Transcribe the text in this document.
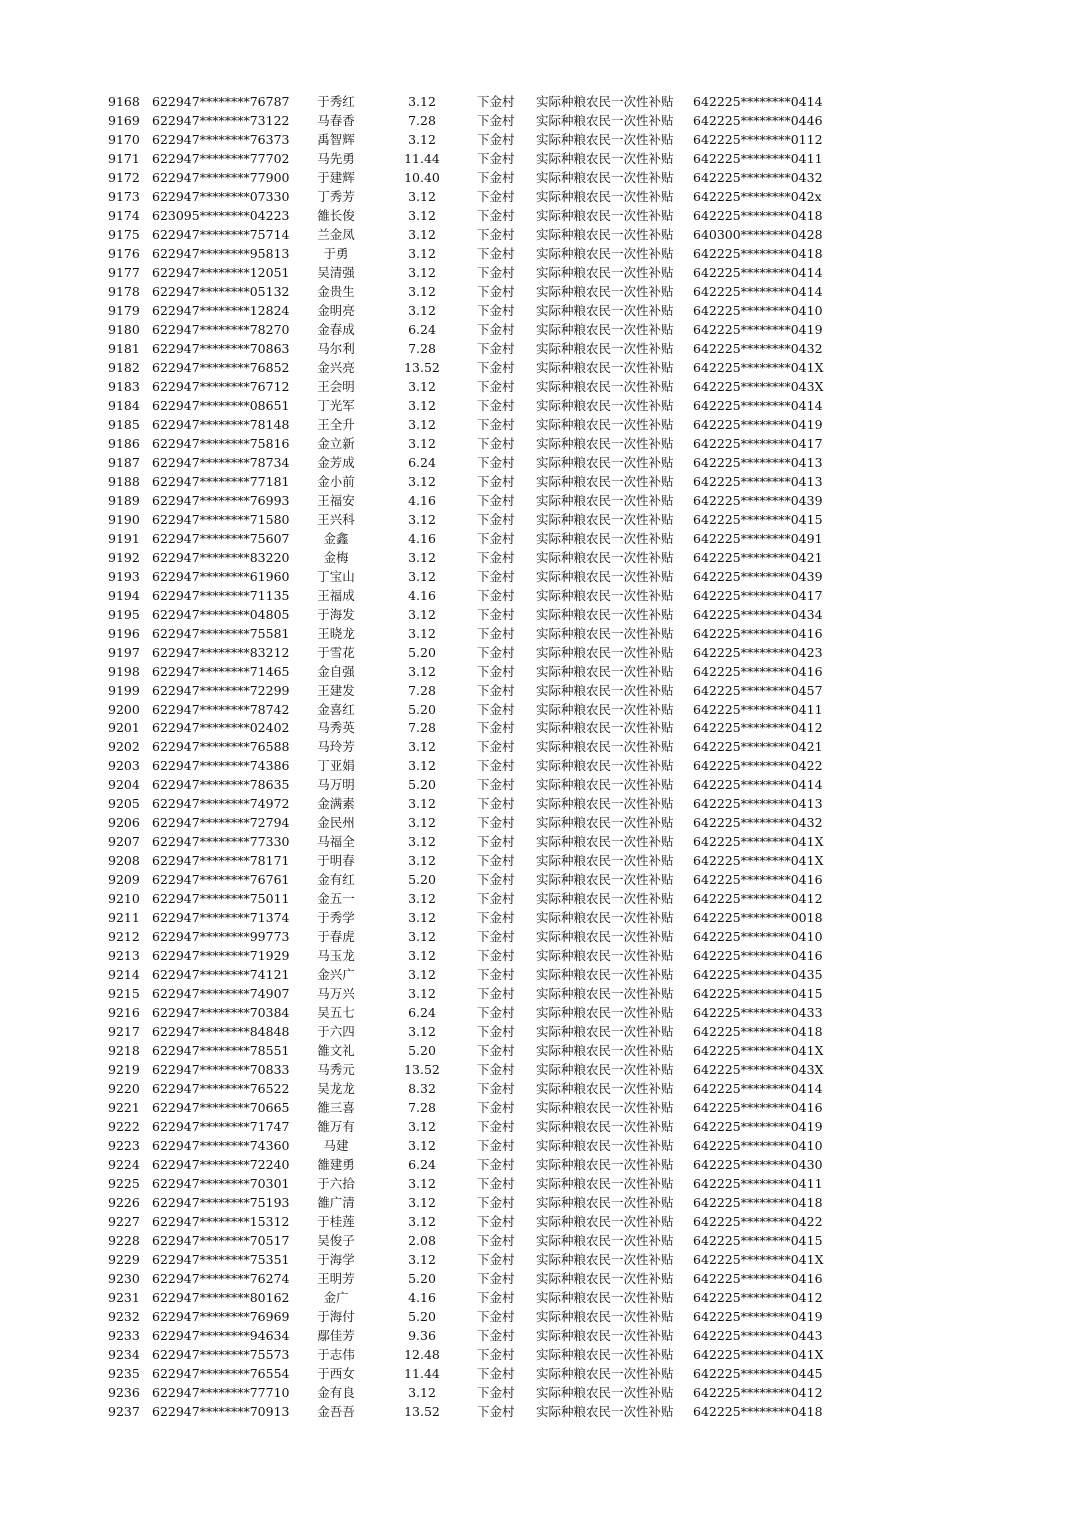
9168 622947********76787	于秀红	3.12	下金村 实际种粮农民一次性补贴 642225********0414
9169 622947********73122	马春香	7.28	下金村 实际种粮农民一次性补贴 642225********0446
9170 622947********76373	禹智辉	3.12	下金村 实际种粮农民一次性补贴 642225********0112
9171 622947********77702	马先勇	11.44	下金村 实际种粮农民一次性补贴 642225********0411
9172 622947********77900	于建辉	10.40	下金村 实际种粮农民一次性补贴 642225********0432
9173 622947********07330	丁秀芳	3.12	下金村 实际种粮农民一次性补贴 642225********042x
9174 623095********04223	雒长俊	3.12	下金村 实际种粮农民一次性补贴 642225********0418
9175 622947********75714	兰金凤	3.12	下金村 实际种粮农民一次性补贴 640300********0428
9176 622947********95813	于勇	3.12	下金村 实际种粮农民一次性补贴 642225********0418
9177 622947********12051	吴清强	3.12	下金村 实际种粮农民一次性补贴 642225********0414
9178 622947********05132	金贵生	3.12	下金村 实际种粮农民一次性补贴 642225********0414
9179 622947********12824	金明亮	3.12	下金村 实际种粮农民一次性补贴 642225********0410
9180 622947********78270	金春成	6.24	下金村 实际种粮农民一次性补贴 642225********0419
9181 622947********70863	马尔利	7.28	下金村 实际种粮农民一次性补贴 642225********0432
9182 622947********76852	金兴亮	13.52	下金村 实际种粮农民一次性补贴 642225********041X
9183 622947********76712	王会明	3.12	下金村 实际种粮农民一次性补贴 642225********043X
9184 622947********08651	丁光军	3.12	下金村 实际种粮农民一次性补贴 642225********0414
9185 622947********78148	王全升	3.12	下金村 实际种粮农民一次性补贴 642225********0419
9186 622947********75816	金立新	3.12	下金村 实际种粮农民一次性补贴 642225********0417
9187 622947********78734	金芳成	6.24	下金村 实际种粮农民一次性补贴 642225********0413
9188 622947********77181	金小前	3.12	下金村 实际种粮农民一次性补贴 642225********0413
9189 622947********76993	王福安	4.16	下金村 实际种粮农民一次性补贴 642225********0439
9190 622947********71580	王兴科	3.12	下金村 实际种粮农民一次性补贴 642225********0415
9191 622947********75607	金鑫	4.16	下金村 实际种粮农民一次性补贴 642225********0491
9192 622947********83220	金梅	3.12	下金村 实际种粮农民一次性补贴 642225********0421
9193 622947********61960	丁宝山	3.12	下金村 实际种粮农民一次性补贴 642225********0439
9194 622947********71135	王福成	4.16	下金村 实际种粮农民一次性补贴 642225********0417
9195 622947********04805	于海发	3.12	下金村 实际种粮农民一次性补贴 642225********0434
9196 622947********75581	王晓龙	3.12	下金村 实际种粮农民一次性补贴 642225********0416
9197 622947********83212	于雪花	5.20	下金村 实际种粮农民一次性补贴 642225********0423
9198 622947********71465	金自强	3.12	下金村 实际种粮农民一次性补贴 642225********0416
9199 622947********72299	王建发	7.28	下金村 实际种粮农民一次性补贴 642225********0457
9200 622947********78742	金喜红	5.20	下金村 实际种粮农民一次性补贴 642225********0411
9201 622947********02402	马秀英	7.28	下金村 实际种粮农民一次性补贴 642225********0412
9202 622947********76588	马玲芳	3.12	下金村 实际种粮农民一次性补贴 642225********0421
9203 622947********74386	丁亚娟	3.12	下金村 实际种粮农民一次性补贴 642225********0422
9204 622947********78635	马万明	5.20	下金村 实际种粮农民一次性补贴 642225********0414
9205 622947********74972	金满素	3.12	下金村 实际种粮农民一次性补贴 642225********0413
9206 622947********72794	金民州	3.12	下金村 实际种粮农民一次性补贴 642225********0432
9207 622947********77330	马福全	3.12	下金村 实际种粮农民一次性补贴 642225********041X
9208 622947********78171	于明春	3.12	下金村 实际种粮农民一次性补贴 642225********041X
9209 622947********76761	金有红	5.20	下金村 实际种粮农民一次性补贴 642225********0416
9210 622947********75011	金五一	3.12	下金村 实际种粮农民一次性补贴 642225********0412
9211 622947********71374	于秀学	3.12	下金村 实际种粮农民一次性补贴 642225********0018
9212 622947********99773	于春虎	3.12	下金村 实际种粮农民一次性补贴 642225********0410
9213 622947********71929	马玉龙	3.12	下金村 实际种粮农民一次性补贴 642225********0416
9214 622947********74121	金兴广	3.12	下金村 实际种粮农民一次性补贴 642225********0435
9215 622947********74907	马万兴	3.12	下金村 实际种粮农民一次性补贴 642225********0415
9216 622947********70384	吴五七	6.24	下金村 实际种粮农民一次性补贴 642225********0433
9217 622947********84848	于六四	3.12	下金村 实际种粮农民一次性补贴 642225********0418
9218 622947********78551	雒文礼	5.20	下金村 实际种粮农民一次性补贴 642225********041X
9219 622947********70833	马秀元	13.52	下金村 实际种粮农民一次性补贴 642225********043X
9220 622947********76522	吴龙龙	8.32	下金村 实际种粮农民一次性补贴 642225********0414
9221 622947********70665	雒三喜	7.28	下金村 实际种粮农民一次性补贴 642225********0416
9222 622947********71747	雒万有	3.12	下金村 实际种粮农民一次性补贴 642225********0419
9223 622947********74360	马建	3.12	下金村 实际种粮农民一次性补贴 642225********0410
9224 622947********72240	雒建勇	6.24	下金村 实际种粮农民一次性补贴 642225********0430
9225 622947********70301	于六拾	3.12	下金村 实际种粮农民一次性补贴 642225********0411
9226 622947********75193	雒广清	3.12	下金村 实际种粮农民一次性补贴 642225********0418
9227 622947********15312	于桂莲	3.12	下金村 实际种粮农民一次性补贴 642225********0422
9228 622947********70517	吴俊子	2.08	下金村 实际种粮农民一次性补贴 642225********0415
9229 622947********75351	于海学	3.12	下金村 实际种粮农民一次性补贴 642225********041X
9230 622947********76274	王明芳	5.20	下金村 实际种粮农民一次性补贴 642225********0416
9231 622947********80162	金广	4.16	下金村 实际种粮农民一次性补贴 642225********0412
9232 622947********76969	于海付	5.20	下金村 实际种粮农民一次性补贴 642225********0419
9233 622947********94634	鄢佳芳	9.36	下金村 实际种粮农民一次性补贴 642225********0443
9234 622947********75573	于志伟	12.48	下金村 实际种粮农民一次性补贴 642225********041X
9235 622947********76554	于西女	11.44	下金村 实际种粮农民一次性补贴 642225********0445
9236 622947********77710	金有良	3.12	下金村 实际种粮农民一次性补贴 642225********0412
9237 622947********70913	金吾吾	13.52	下金村 实际种粮农民一次性补贴 642225********0418
